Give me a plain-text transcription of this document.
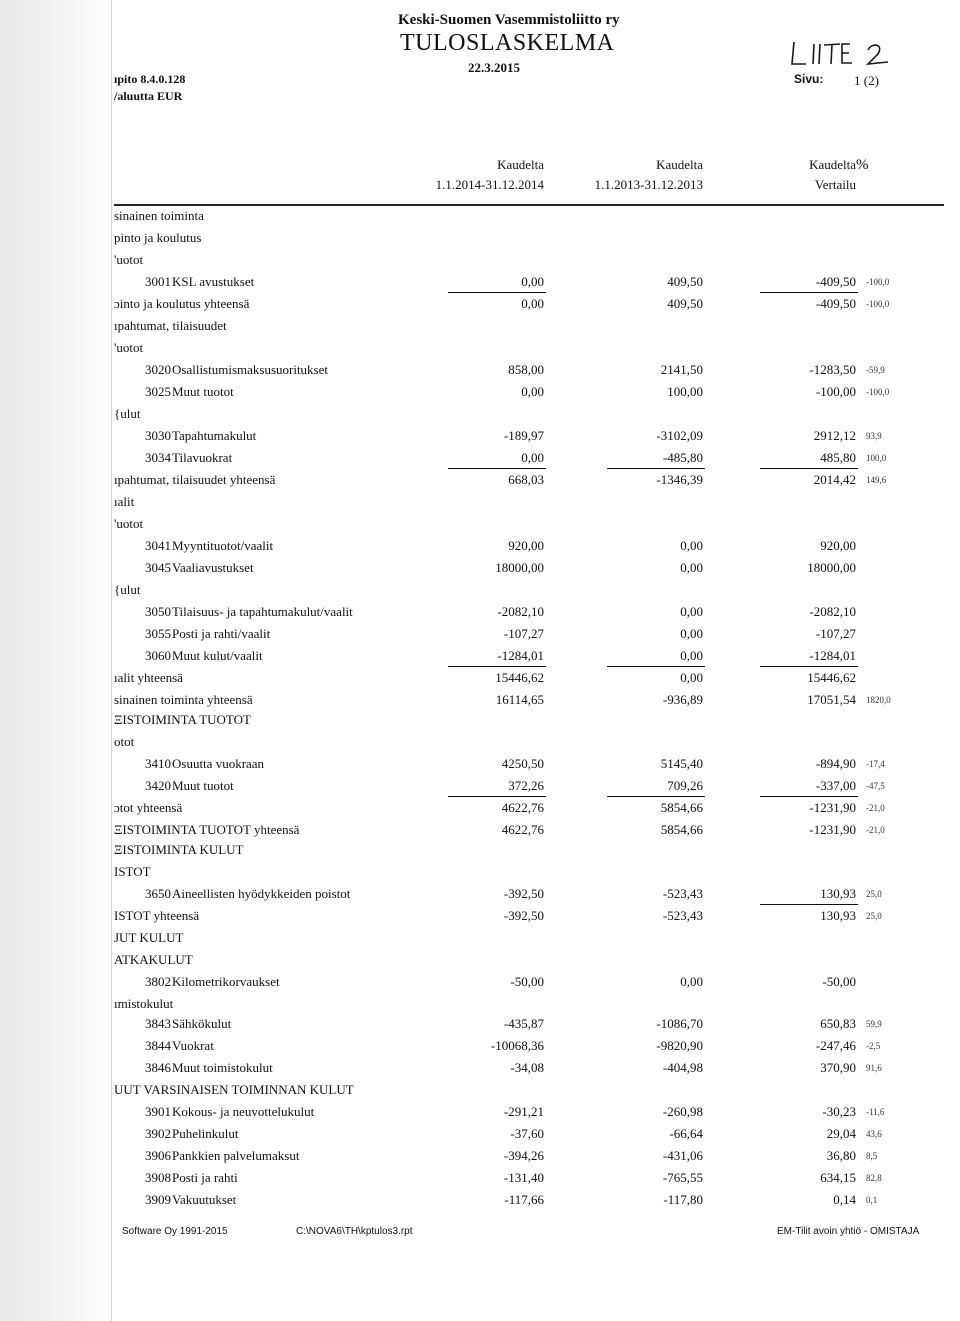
Keski-Suomen Vasemmistoliitto ry
TULOSLASKELMA
22.3.2015
ıpito 8.4.0.128
/aluutta EUR
Sivu: 1 (2)
Kaudelta
1.1.2014-31.12.2014
Kaudelta
1.1.2013-31.12.2013
Kaudelta
Vertailu
%
sinainen toiminta
pinto ja koulutus
'uotot
3001 KSL avustukset	0,00	409,50	-409,50 -100,0
ɔinto ja koulutus yhteensä	0,00	409,50	-409,50 -100,0
ıpahtumat, tilaisuudet
'uotot
3020 Osallistumismaksusuoritukset	858,00	2141,50	-1283,50 -59,9
3025 Muut tuotot	0,00	100,00	-100,00 -100,0
{ulut
3030 Tapahtumakulut	-189,97	-3102,09	2912,12 93,9
3034 Tilavuokrat	0,00	-485,80	485,80 100,0
ıpahtumat, tilaisuudet yhteensä	668,03	-1346,39	2014,42 149,6
ıalit
'uotot
3041 Myyntituotot/vaalit	920,00	0,00	920,00
3045 Vaaliavustukset	18000,00	0,00	18000,00
{ulut
3050 Tilaisuus- ja tapahtumakulut/vaalit	-2082,10	0,00	-2082,10
3055 Posti ja rahti/vaalit	-107,27	0,00	-107,27
3060 Muut kulut/vaalit	-1284,01	0,00	-1284,01
ıalit yhteensä	15446,62	0,00	15446,62
sinainen toiminta yhteensä	16114,65	-936,89	17051,54 1820,0
ΞISTOIMINTA TUOTOT
otot
3410 Osuutta vuokraan	4250,50	5145,40	-894,90 -17,4
3420 Muut tuotot	372,26	709,26	-337,00 -47,5
ɔtot yhteensä	4622,76	5854,66	-1231,90 -21,0
ΞISTOIMINTA TUOTOT yhteensä	4622,76	5854,66	-1231,90 -21,0
ΞISTOIMINTA KULUT
ISTOT
3650 Aineellisten hyödykkeiden poistot	-392,50	-523,43	130,93 25,0
ISTOT yhteensä	-392,50	-523,43	130,93 25,0
JUT KULUT
ATKAKULUT
3802 Kilometrikorvaukset	-50,00	0,00	-50,00
ımistokulut
3843 Sähkökulut	-435,87	-1086,70	650,83 59,9
3844 Vuokrat	-10068,36	-9820,90	-247,46 -2,5
3846 Muut toimistokulut	-34,08	-404,98	370,90 91,6
UUT VARSINAISEN TOIMINNAN KULUT
3901 Kokous- ja neuvottelukulut	-291,21	-260,98	-30,23 -11,6
3902 Puhelinkulut	-37,60	-66,64	29,04 43,6
3906 Pankkien palvelumaksut	-394,26	-431,06	36,80 8,5
3908 Posti ja rahti	-131,40	-765,55	634,15 82,8
3909 Vakuutukset	-117,66	-117,80	0,14 0,1
Software Oy 1991-2015	C:\NOVA6\TH\kptulos3.rpt	EM-Tilit avoin yhtiö - OMISTAJA
